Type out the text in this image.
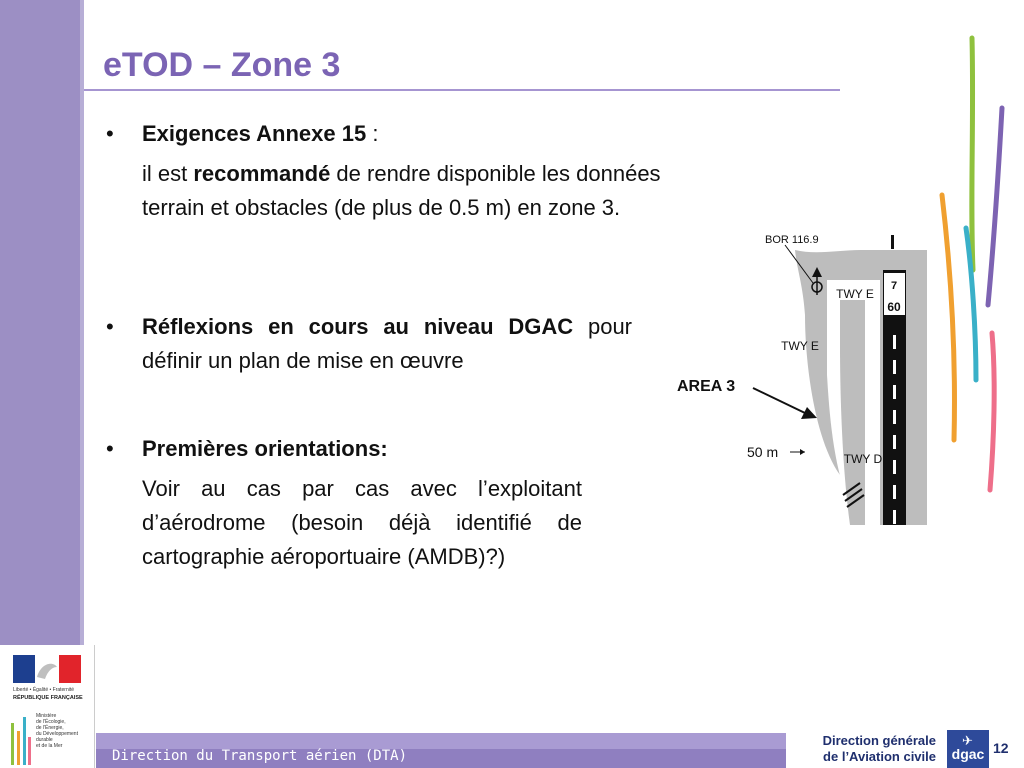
eTOD – Zone 3
• Exigences Annexe 15 :
il est recommandé de rendre disponible les données terrain et obstacles (de plus de 0.5 m) en zone 3.
• Réflexions en cours au niveau DGAC pour définir un plan de mise en œuvre
• Premières orientations:
Voir au cas par cas avec l’exploitant d’aérodrome (besoin déjà identifié de cartographie aéroportuaire (AMDB)?)
7
60
BOR 116.9
TWY E
TWY E
TWY D
AREA 3
50 m
Liberté • Égalité • Fraternité
RÉPUBLIQUE FRANÇAISE
Ministère
de l'Écologie,
de l'Énergie,
du Développement
durable
et de la Mer
Direction du Transport aérien (DTA)
Direction générale
de l’Aviation civile	dgac
✈ 12
